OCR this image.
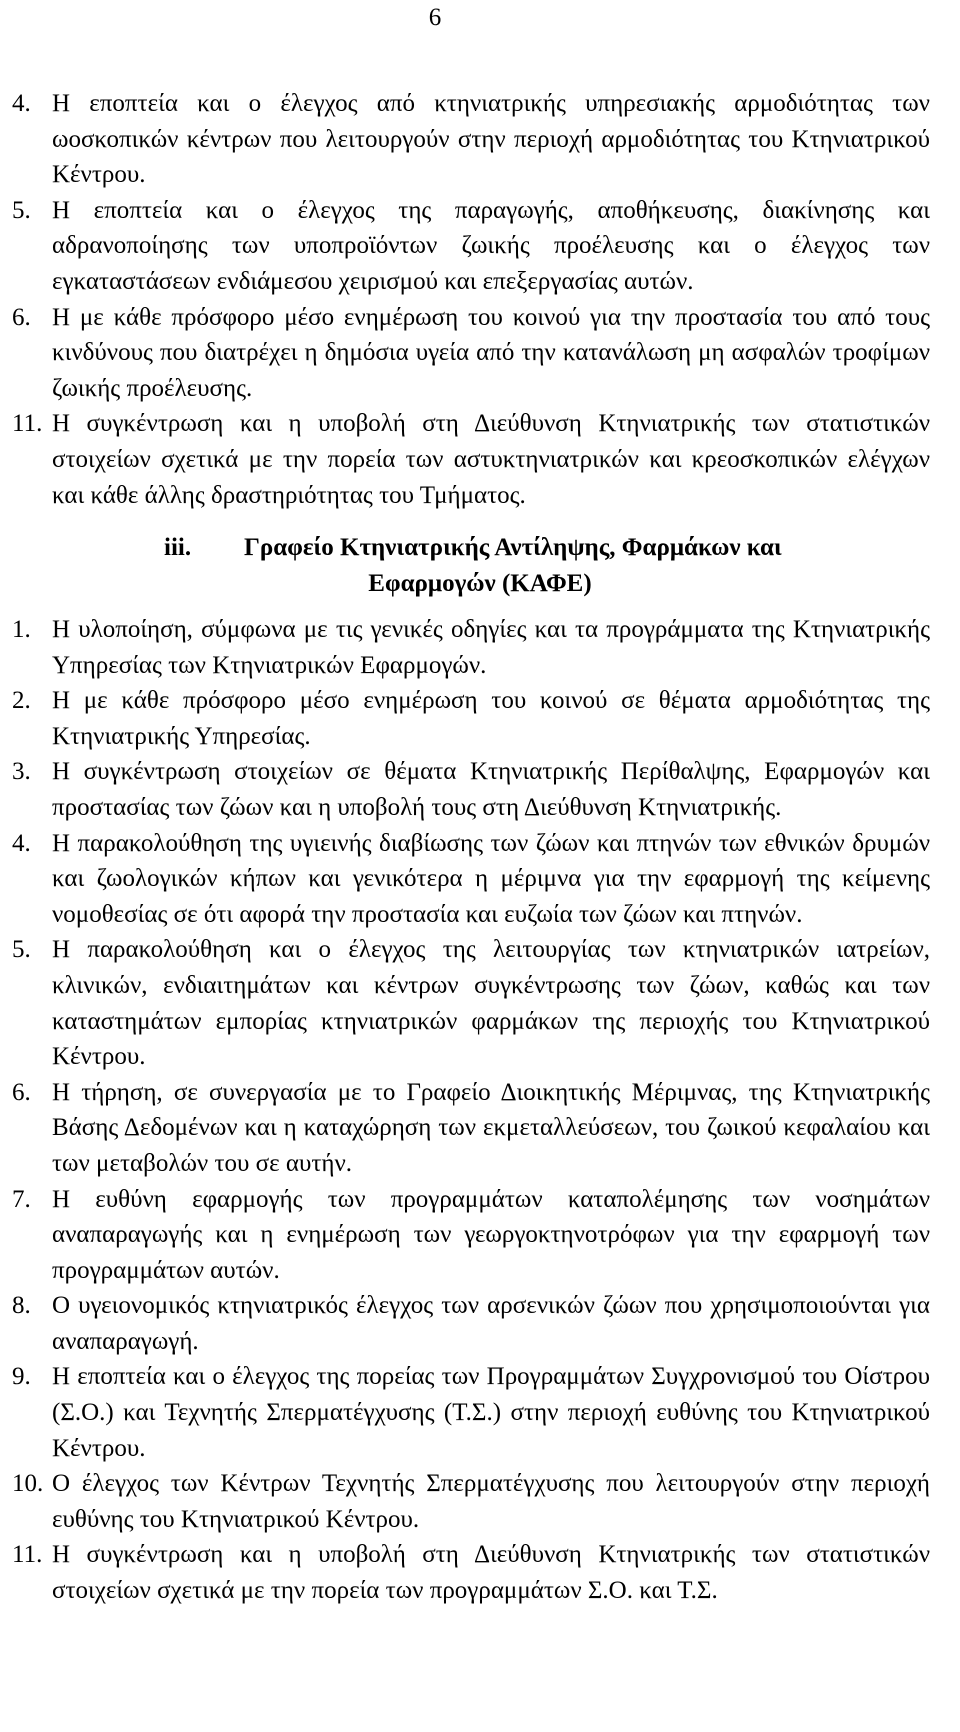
6
4. Η εποπτεία και ο έλεγχος από κτηνιατρικής υπηρεσιακής αρμοδιότητας των ωοσκοπικών κέντρων που λειτουργούν στην περιοχή αρμοδιότητας του Κτηνιατρικού Κέντρου.
5. Η εποπτεία και ο έλεγχος της παραγωγής, αποθήκευσης, διακίνησης και αδρανοποίησης των υποπροϊόντων ζωικής προέλευσης και ο έλεγχος των εγκαταστάσεων ενδιάμεσου χειρισμού και επεξεργασίας αυτών.
6. Η με κάθε πρόσφορο μέσο ενημέρωση του κοινού για την προστασία του από τους κινδύνους που διατρέχει η δημόσια υγεία από την κατανάλωση μη ασφαλών τροφίμων ζωικής προέλευσης.
11. Η συγκέντρωση και η υποβολή στη Διεύθυνση Κτηνιατρικής των στατιστικών στοιχείων σχετικά με την πορεία των αστυκτηνιατρικών και κρεοσκοπικών ελέγχων και κάθε άλλης δραστηριότητας του Τμήματος.
iii. Γραφείο Κτηνιατρικής Αντίληψης, Φαρμάκων και
Εφαρμογών (ΚΑΦΕ)
1. Η υλοποίηση, σύμφωνα με τις γενικές οδηγίες και τα προγράμματα της Κτηνιατρικής Υπηρεσίας των Κτηνιατρικών Εφαρμογών.
2. Η με κάθε πρόσφορο μέσο ενημέρωση του κοινού σε θέματα αρμοδιότητας της Κτηνιατρικής Υπηρεσίας.
3. Η συγκέντρωση στοιχείων σε θέματα Κτηνιατρικής Περίθαλψης, Εφαρμογών και προστασίας των ζώων και η υποβολή τους στη Διεύθυνση Κτηνιατρικής.
4. Η παρακολούθηση της υγιεινής διαβίωσης των ζώων και πτηνών των εθνικών δρυμών και ζωολογικών κήπων και γενικότερα η μέριμνα για την εφαρμογή της κείμενης νομοθεσίας σε ότι αφορά την προστασία και ευζωία των ζώων και πτηνών.
5. Η παρακολούθηση και ο έλεγχος της λειτουργίας των κτηνιατρικών ιατρείων, κλινικών, ενδιαιτημάτων και κέντρων συγκέντρωσης των ζώων, καθώς και των καταστημάτων εμπορίας κτηνιατρικών φαρμάκων της περιοχής του Κτηνιατρικού Κέντρου.
6. Η τήρηση, σε συνεργασία με το Γραφείο Διοικητικής Μέριμνας, της Κτηνιατρικής Βάσης Δεδομένων και η καταχώρηση των εκμεταλλεύσεων, του ζωικού κεφαλαίου και των μεταβολών του σε αυτήν.
7. Η ευθύνη εφαρμογής των προγραμμάτων καταπολέμησης των νοσημάτων αναπαραγωγής και η ενημέρωση των γεωργοκτηνοτρόφων για την εφαρμογή των προγραμμάτων αυτών.
8. Ο υγειονομικός κτηνιατρικός έλεγχος των αρσενικών ζώων που χρησιμοποιούνται για αναπαραγωγή.
9. Η εποπτεία και ο έλεγχος της πορείας των Προγραμμάτων Συγχρονισμού του Οίστρου (Σ.Ο.) και Τεχνητής Σπερματέγχυσης (Τ.Σ.) στην περιοχή ευθύνης του Κτηνιατρικού Κέντρου.
10. Ο έλεγχος των Κέντρων Τεχνητής Σπερματέγχυσης που λειτουργούν στην περιοχή ευθύνης του Κτηνιατρικού Κέντρου.
11. Η συγκέντρωση και η υποβολή στη Διεύθυνση Κτηνιατρικής των στατιστικών στοιχείων σχετικά με την πορεία των προγραμμάτων Σ.Ο. και Τ.Σ.
